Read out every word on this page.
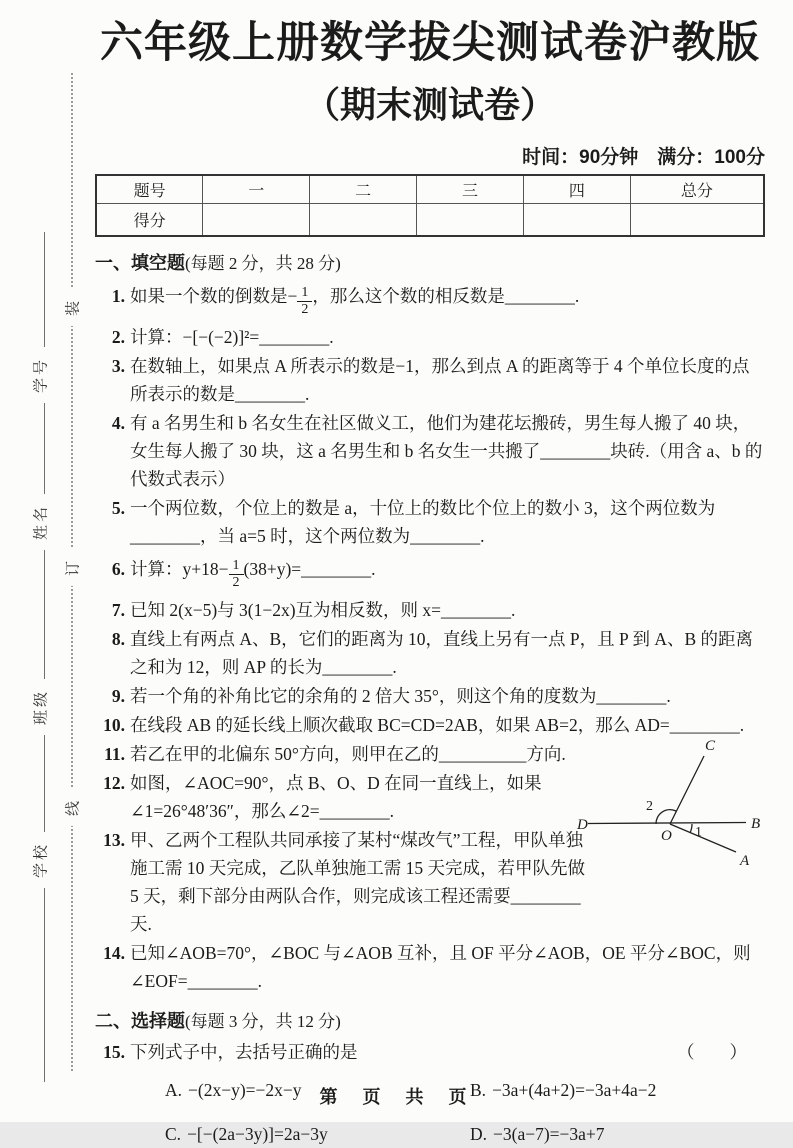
学号
姓名
班级
学校
装
订
线
六年级上册数学拔尖测试卷沪教版
（期末测试卷）
时间：90分钟　满分：100分
题号	一	二	三	四	总分
得分					
一、填空题(每题 2 分，共 28 分)
1. 如果一个数的倒数是− $\frac{1}{2}$ ，那么这个数的相反数是________.
2. 计算：−[−(−2)]²=________.
3. 在数轴上，如果点 A 所表示的数是−1，那么到点 A 的距离等于 4 个单位长度的点所表示的数是________.
4. 有 a 名男生和 b 名女生在社区做义工，他们为建花坛搬砖，男生每人搬了 40 块，女生每人搬了 30 块，这 a 名男生和 b 名女生一共搬了________块砖.（用含 a、b 的代数式表示）
5. 一个两位数，个位上的数是 a，十位上的数比个位上的数小 3，这个两位数为________，当 a=5 时，这个两位数为________.
6. 计算：$y+18- \frac{1}{2}$ (38+y)=________.
7. 已知 2(x−5)与 3(1−2x)互为相反数，则 x=________.
8. 直线上有两点 A、B，它们的距离为 10，直线上另有一点 P，且 P 到 A、B 的距离之和为 12，则 AP 的长为________.
9. 若一个角的补角比它的余角的 2 倍大 35°，则这个角的度数为________.
10. 在线段 AB 的延长线上顺次截取 BC=CD=2AB，如果 AB=2，那么 AD=________.
11. 若乙在甲的北偏东 50°方向，则甲在乙的__________方向.
12. 如图，∠AOC=90°，点 B、O、D 在同一直线上，如果∠1=26°48′36″，那么∠2=________.
13. 甲、乙两个工程队共同承接了某村“煤改气”工程，甲队单独施工需 10 天完成，乙队单独施工需 15 天完成，若甲队先做 5 天，剩下部分由两队合作，则完成该工程还需要________天.
14. 已知∠AOB=70°，∠BOC 与∠AOB 互补，且 OF 平分∠AOB，OE 平分∠BOC，则∠EOF=________.
二、选择题(每题 3 分，共 12 分)
15. 下列式子中，去括号正确的是	（　　）
A. −(2x−y)=−2x−y	B. −3a+(4a+2)=−3a+4a−2
C. −[−(2a−3y)]=2a−3y	D. −3(a−7)=−3a+7
C
D	B
A
O
2
1
第 页 共 页
